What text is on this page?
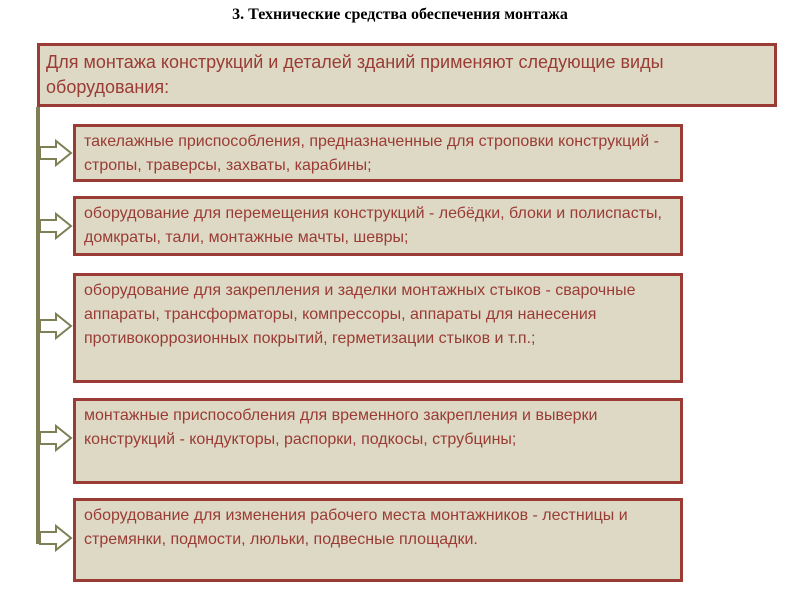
3. Технические средства обеспечения монтажа
Для монтажа конструкций и деталей зданий применяют следующие виды оборудования:
такелажные приспособления, предназначенные для строповки конструкций - стропы, траверсы, захваты, карабины;
оборудование для перемещения конструкций - лебёдки, блоки и полиспасты, домкраты, тали, монтажные мачты, шевры;
оборудование для закрепления и заделки монтажных стыков - сварочные аппараты, трансформаторы, компрессоры, аппараты для нанесения противокоррозионных покрытий, герметизации стыков и т.п.;
монтажные приспособления для временного закрепления и выверки конструкций - кондукторы, распорки, подкосы, струбцины;
оборудование для изменения рабочего места монтажников - лестницы и стремянки, подмости, люльки, подвесные площадки.
